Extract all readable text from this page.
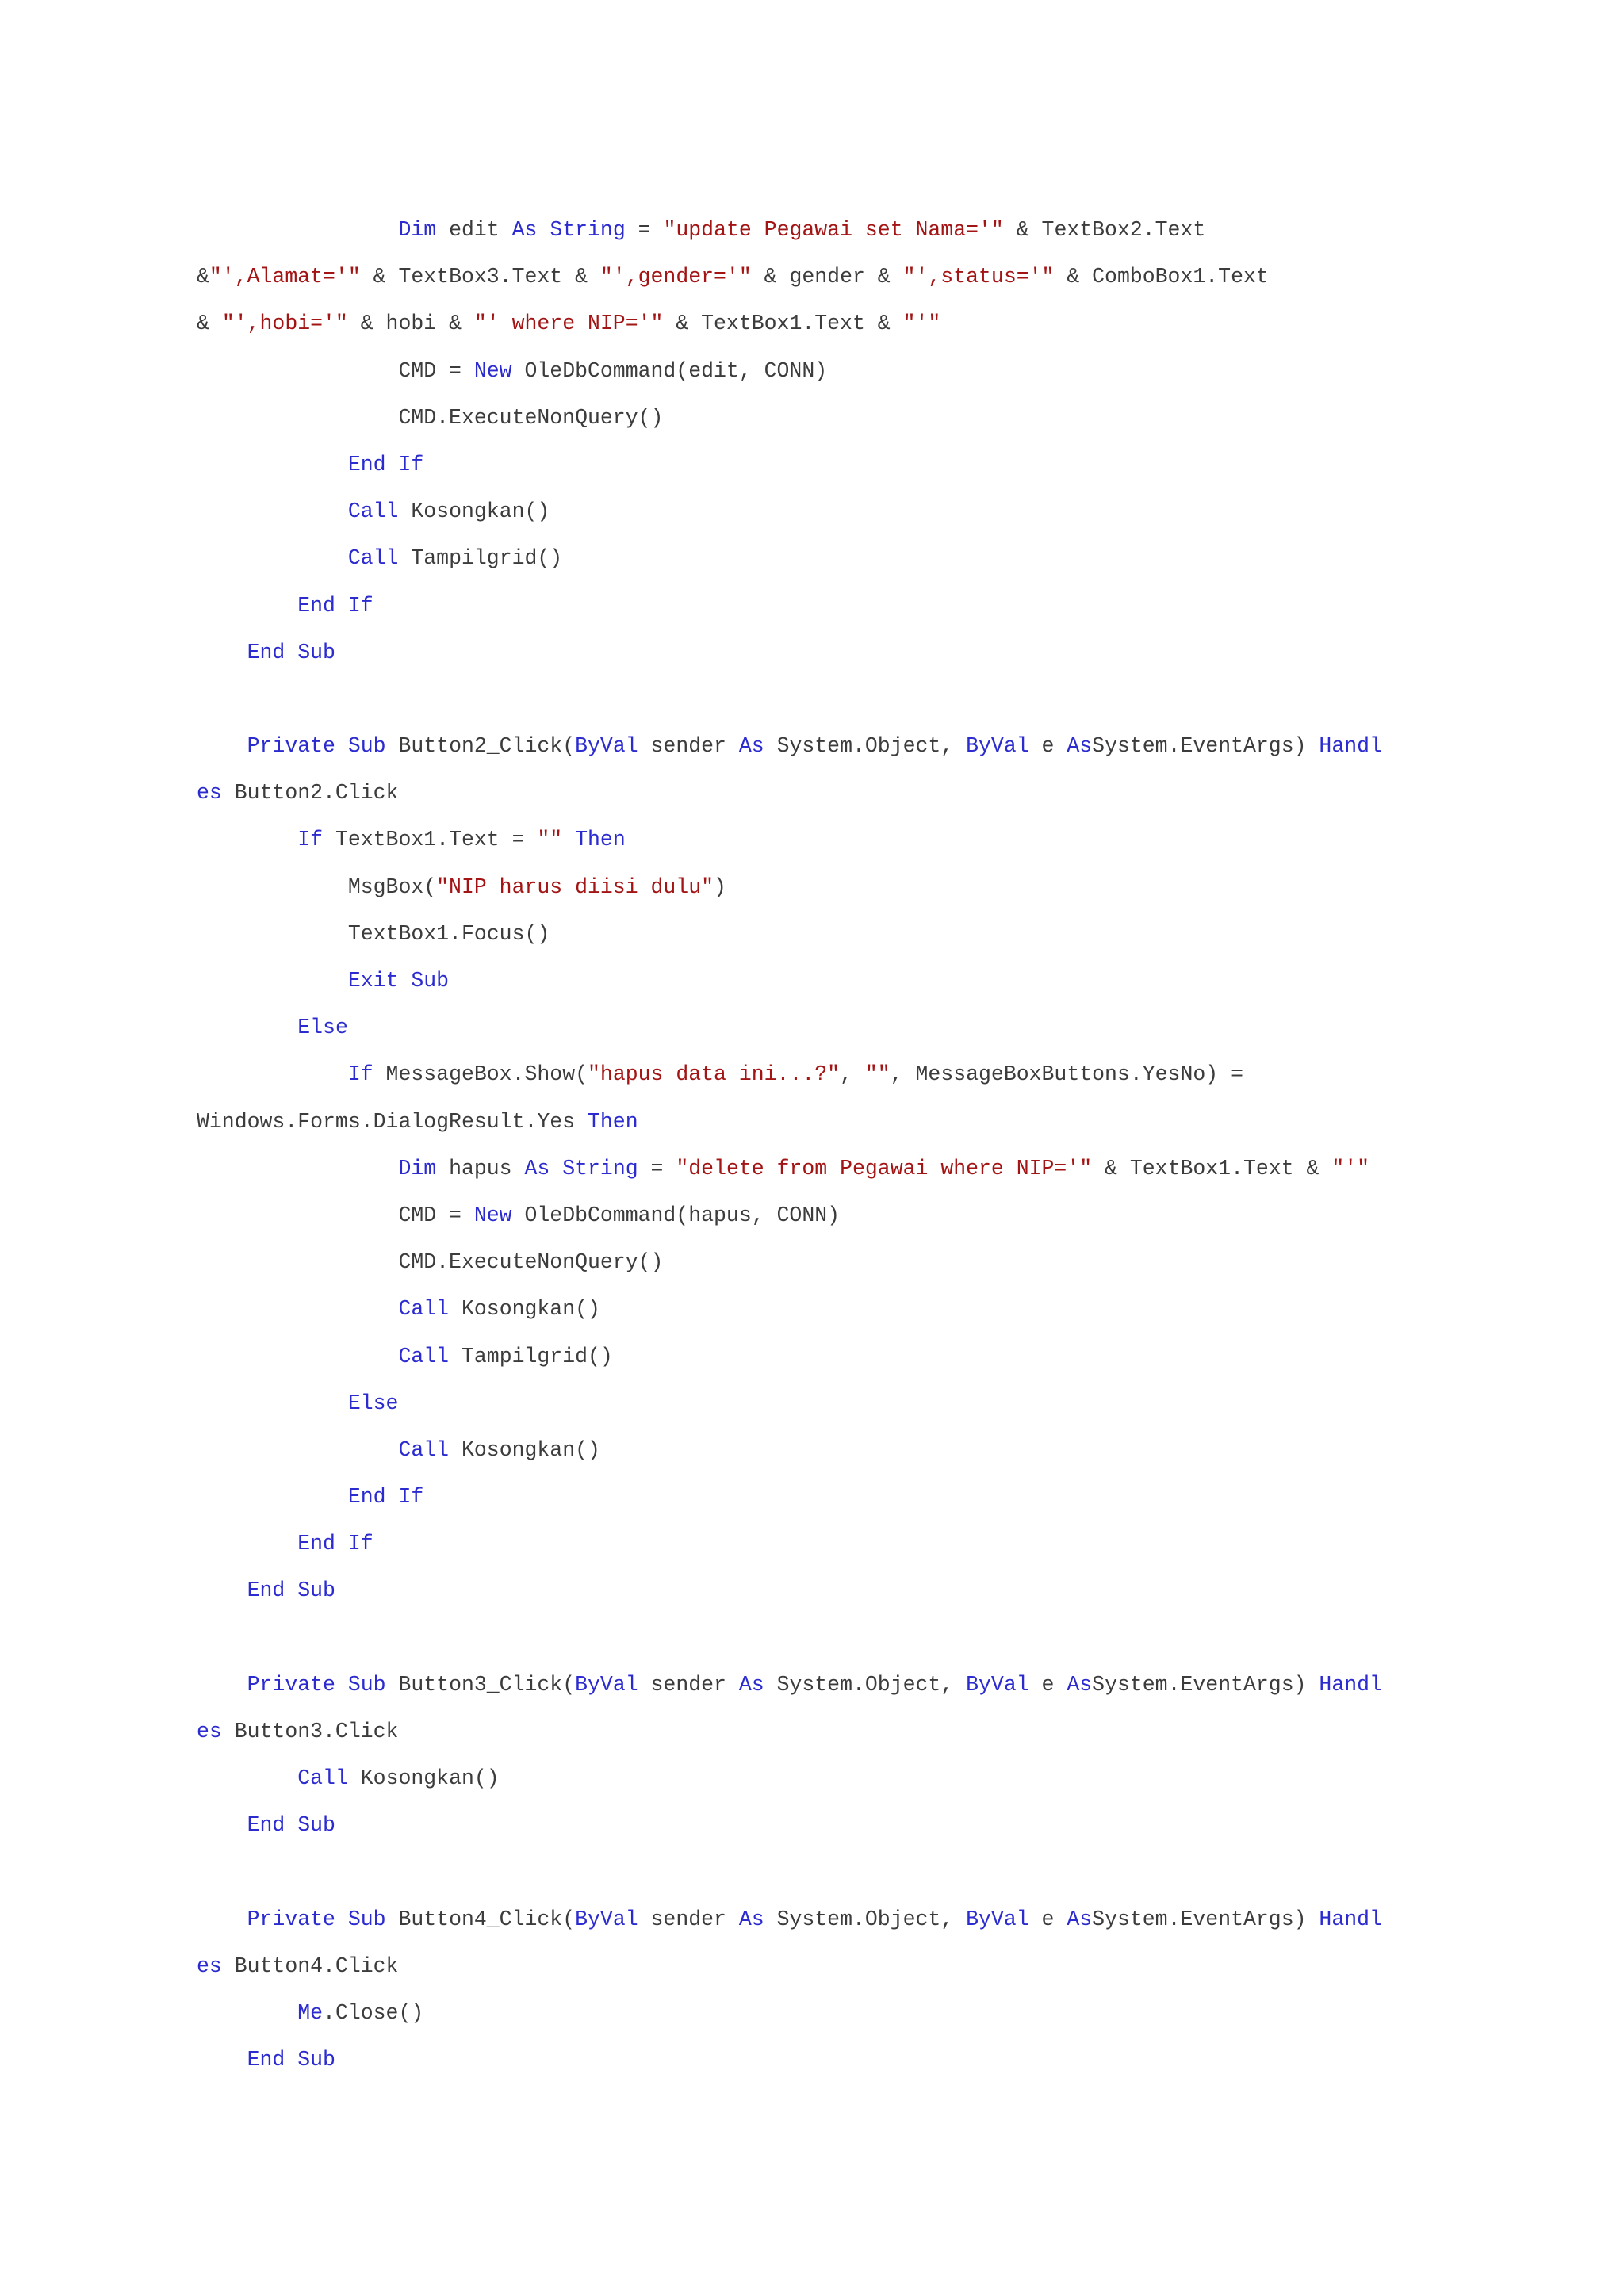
Dim edit As String = "update Pegawai set Nama='" & TextBox2.Text
&"',Alamat='" & TextBox3.Text & "',gender='" & gender & "',status='" & ComboBox1.Text
& "',hobi='" & hobi & "' where NIP='" & TextBox1.Text & "'"
CMD = New OleDbCommand(edit, CONN)
CMD.ExecuteNonQuery()
End If
Call Kosongkan()
Call Tampilgrid()
End If
End Sub
Private Sub Button2_Click(ByVal sender As System.Object, ByVal e AsSystem.EventArgs) Handl
es Button2.Click
If TextBox1.Text = "" Then
MsgBox("NIP harus diisi dulu")
TextBox1.Focus()
Exit Sub
Else
If MessageBox.Show("hapus data ini...?", "", MessageBoxButtons.YesNo) =
Windows.Forms.DialogResult.Yes Then
Dim hapus As String = "delete from Pegawai where NIP='" & TextBox1.Text & "'"
CMD = New OleDbCommand(hapus, CONN)
CMD.ExecuteNonQuery()
Call Kosongkan()
Call Tampilgrid()
Else
Call Kosongkan()
End If
End If
End Sub
Private Sub Button3_Click(ByVal sender As System.Object, ByVal e AsSystem.EventArgs) Handl
es Button3.Click
Call Kosongkan()
End Sub
Private Sub Button4_Click(ByVal sender As System.Object, ByVal e AsSystem.EventArgs) Handl
es Button4.Click
Me.Close()
End Sub
